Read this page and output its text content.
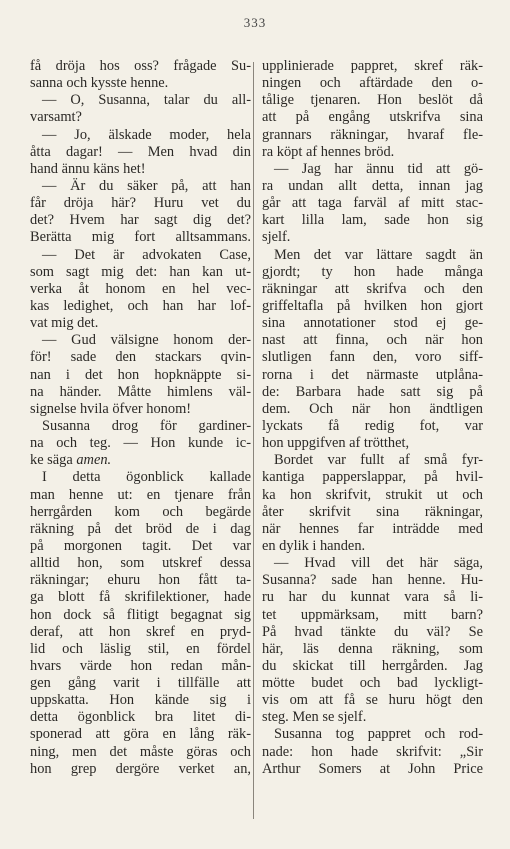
333
få dröja hos oss? frågade Su-
sanna och kysste henne.
— O, Susanna, talar du all-
varsamt?
— Jo, älskade moder, hela
åtta dagar! — Men hvad din
hand ännu käns het!
— Är du säker på, att han
får dröja här? Huru vet du
det? Hvem har sagt dig det?
Berätta mig fort alltsammans.
— Det är advokaten Case,
som sagt mig det: han kan ut-
verka åt honom en hel vec-
kas ledighet, och han har lof-
vat mig det.
— Gud välsigne honom der-
för! sade den stackars qvin-
nan i det hon hopknäppte si-
na händer. Måtte himlens väl-
signelse hvila öfver honom!
Susanna drog för gardiner-
na och teg. — Hon kunde ic-
ke säga amen.
I detta ögonblick kallade
man henne ut: en tjenare från
herrgården kom och begärde
räkning på det bröd de i dag
på morgonen tagit. Det var
alltid hon, som utskref dessa
räkningar; ehuru hon fått ta-
ga blott få skrifilektioner, hade
hon dock så flitigt begagnat sig
deraf, att hon skref en pryd-
lid och läslig stil, en fördel
hvars värde hon redan mån-
gen gång varit i tillfälle att
uppskatta. Hon kände sig i
detta ögonblick bra litet di-
sponerad att göra en lång räk-
ning, men det måste göras och
hon grep dergöre verket an,
upplinierade pappret, skref räk-
ningen och aftärdade den o-
tålige tjenaren. Hon beslöt då
att på engång utskrifva sina
grannars räkningar, hvaraf fle-
ra köpt af hennes bröd.
— Jag har ännu tid att gö-
ra undan allt detta, innan jag
går att taga farväl af mitt stac-
kart lilla lam, sade hon sig
sjelf.
Men det var lättare sagdt än
gjordt; ty hon hade många
räkningar att skrifva och den
griffeltafla på hvilken hon gjort
sina annotationer stod ej ge-
nast att finna, och när hon
slutligen fann den, voro siff-
rorna i det närmaste utplåna-
de: Barbara hade satt sig på
dem. Och när hon ändtligen
lyckats få redig fot, var
hon uppgifven af trötthet,
Bordet var fullt af små fyr-
kantiga papperslappar, på hvil-
ka hon skrifvit, strukit ut och
åter skrifvit sina räkningar,
när hennes far inträdde med
en dylik i handen.
— Hvad vill det här säga,
Susanna? sade han henne. Hu-
ru har du kunnat vara så li-
tet uppmärksam, mitt barn?
På hvad tänkte du väl? Se
här, läs denna räkning, som
du skickat till herrgården. Jag
mötte budet och bad lyckligt-
vis om att få se huru högt den
steg. Men se sjelf.
Susanna tog pappret och rod-
nade: hon hade skrifvit: „Sir
Arthur Somers at John Price
